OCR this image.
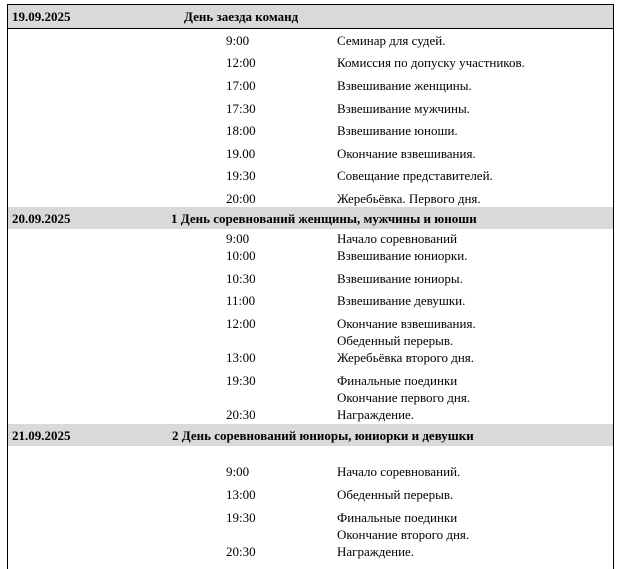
19.09.2025	День заезда команд
9:00	Семинар для судей.
12:00	Комиссия по допуску участников.
17:00	Взвешивание женщины.
17:30	Взвешивание мужчины.
18:00	Взвешивание юноши.
19.00	Окончание взвешивания.
19:30	Совещание представителей.
20:00	Жеребьёвка. Первого дня.
20.09.2025	1 День соревнований женщины, мужчины и юноши
9:00	Начало соревнований
10:00	Взвешивание юниорки.
10:30	Взвешивание юниоры.
11:00	Взвешивание девушки.
12:00	Окончание взвешивания.
Обеденный перерыв.
13:00	Жеребьёвка второго дня.
19:30	Финальные поединки
Окончание первого дня.
20:30	Награждение.
21.09.2025	2 День соревнований юниоры, юниорки и девушки
9:00	Начало соревнований.
13:00	Обеденный перерыв.
19:30	Финальные поединки
Окончание второго дня.
20:30	Награждение.
